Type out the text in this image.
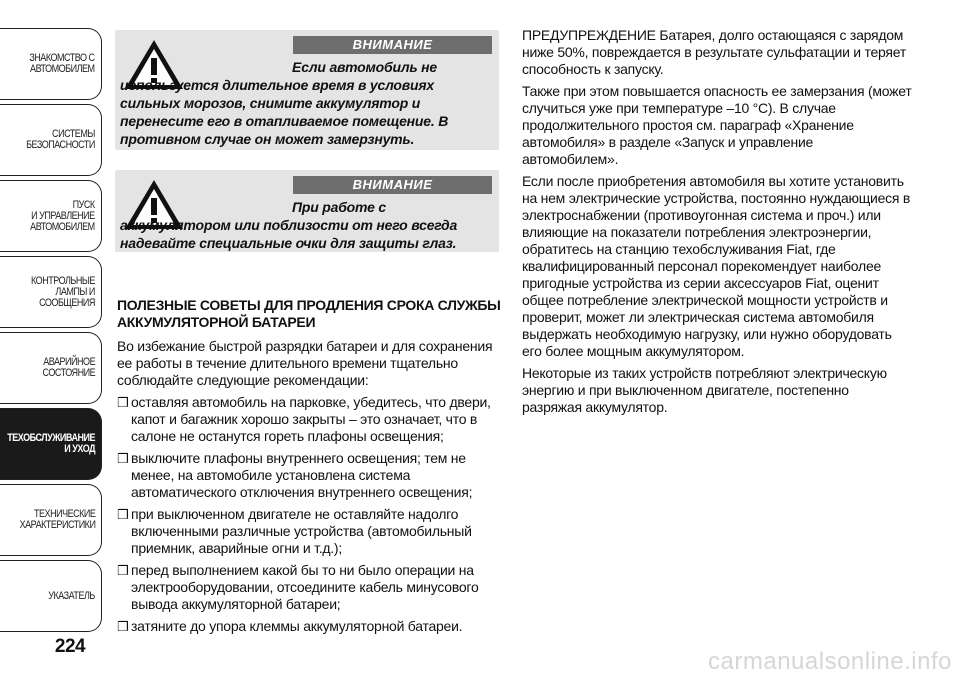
ЗНАКОМСТВО С
АВТОМОБИЛЕМ
СИСТЕМЫ
БЕЗОПАСНОСТИ
ПУСК
И УПРАВЛЕНИЕ
АВТОМОБИЛЕМ
КОНТРОЛЬНЫЕ
ЛАМПЫ И
СООБЩЕНИЯ
АВАРИЙНОЕ
СОСТОЯНИЕ
ТЕХОБСЛУЖИВАНИЕ
И УХОД
ТЕХНИЧЕСКИЕ
ХАРАКТЕРИСТИКИ
УКАЗАТЕЛЬ
224
ВНИМАНИЕ
Если автомобиль не используется длительное время в условиях сильных морозов, снимите аккумулятор и перенесите его в отапливаемое помещение. В противном случае он может замерзнуть.
ВНИМАНИЕ
При работе с аккумулятором или поблизости от него всегда надевайте специальные очки для защиты глаз.
ПОЛЕЗНЫЕ СОВЕТЫ ДЛЯ ПРОДЛЕНИЯ СРОКА СЛУЖБЫ АККУМУЛЯТОРНОЙ БАТАРЕИ

Во избежание быстрой разрядки батареи и для сохранения ее работы в течение длительного времени тщательно соблюдайте следующие рекомендации:

❒ оставляя автомобиль на парковке, убедитесь, что двери, капот и багажник хорошо закрыты – это означает, что в салоне не останутся гореть плафоны освещения;
❒ выключите плафоны внутреннего освещения; тем не менее, на автомобиле установлена система автоматического отключения внутреннего освещения;
❒ при выключенном двигателе не оставляйте надолго включенными различные устройства (автомобильный приемник, аварийные огни и т.д.);
❒ перед выполнением какой бы то ни было операции на электрооборудовании, отсоедините кабель минусового вывода аккумуляторной батареи;
❒ затяните до упора клеммы аккумуляторной батареи.

ПРЕДУПРЕЖДЕНИЕ Батарея, долго остающаяся с зарядом ниже 50%, повреждается в результате сульфатации и теряет способность к запуску.

Также при этом повышается опасность ее замерзания (может случиться уже при температуре –10 °C). В случае продолжительного простоя см. параграф «Хранение автомобиля» в разделе «Запуск и управление автомобилем».

Если после приобретения автомобиля вы хотите установить на нем электрические устройства, постоянно нуждающиеся в электроснабжении (противоугонная система и проч.) или влияющие на показатели потребления электроэнергии, обратитесь на станцию техобслуживания Fiat, где квалифицированный персонал порекомендует наиболее пригодные устройства из серии аксессуаров Fiat, оценит общее потребление электрической мощности устройств и проверит, может ли электрическая система автомобиля выдержать необходимую нагрузку, или нужно оборудовать его более мощным аккумулятором.

Некоторые из таких устройств потребляют электрическую энергию и при выключенном двигателе, постепенно разряжая аккумулятор.

carmanualsonline.info
